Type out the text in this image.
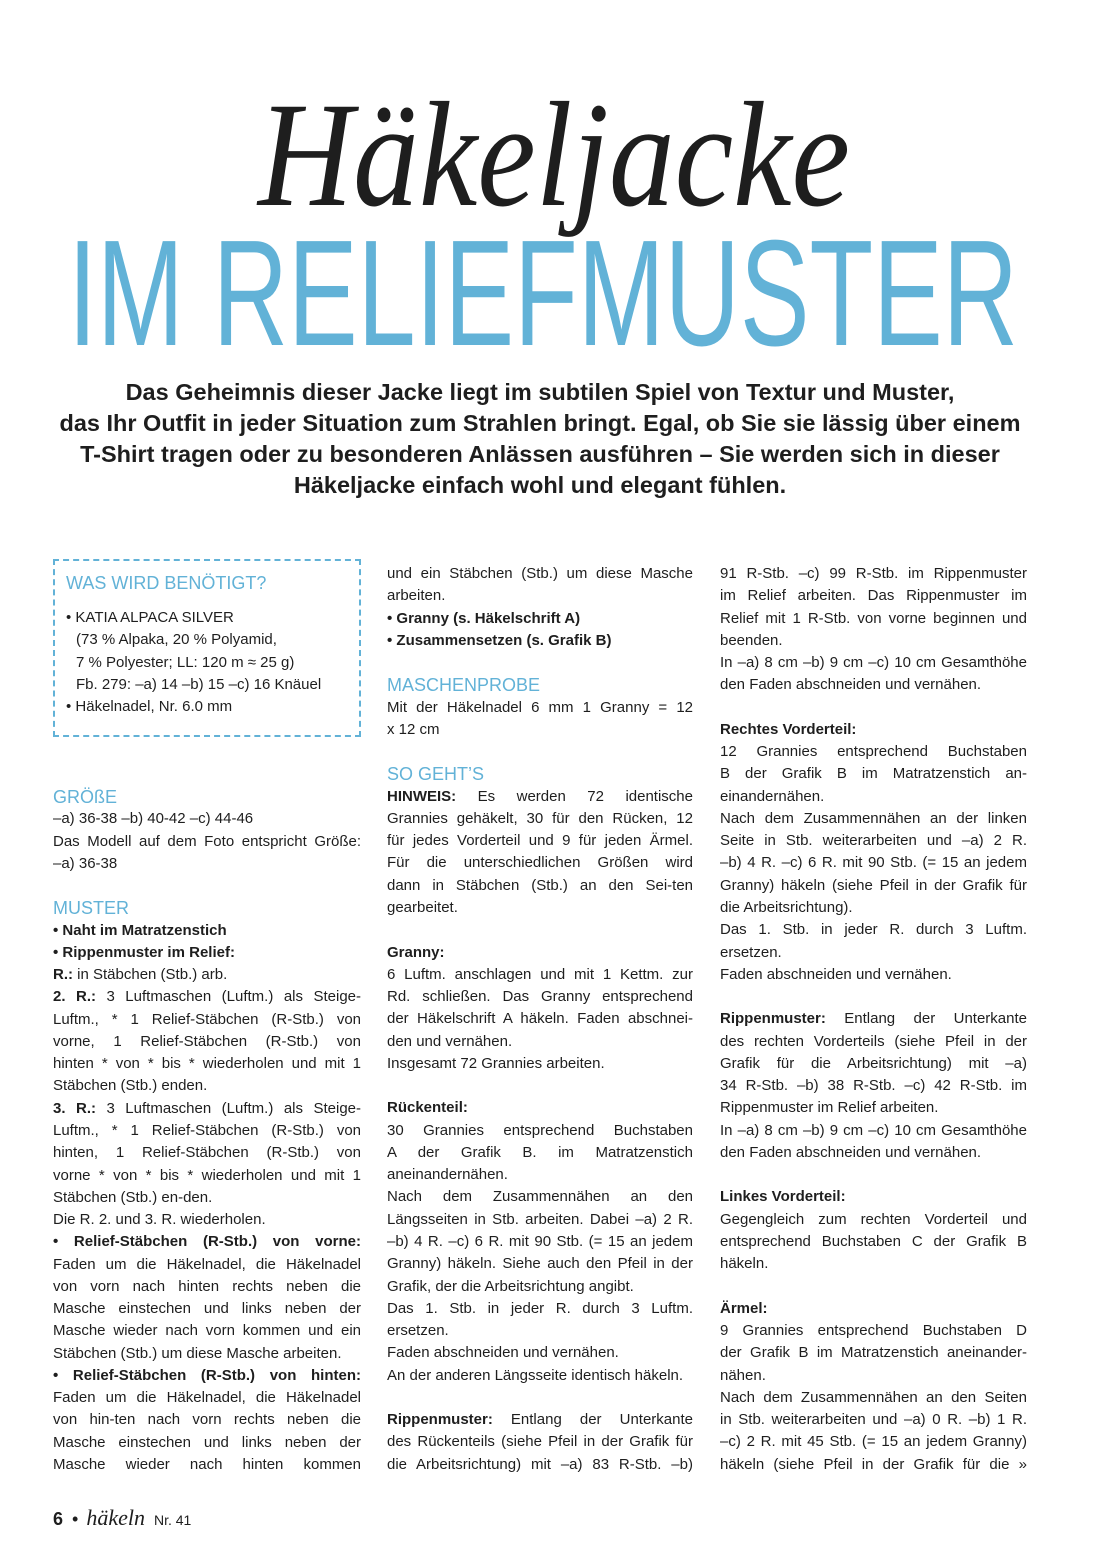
Häkeljacke
IM RELIEFMUSTER
Das Geheimnis dieser Jacke liegt im subtilen Spiel von Textur und Muster,
das Ihr Outfit in jeder Situation zum Strahlen bringt. Egal, ob Sie sie lässig über einem
T-Shirt tragen oder zu besonderen Anlässen ausführen – Sie werden sich in dieser
Häkeljacke einfach wohl und elegant fühlen.
WAS WIRD BENÖTIGT?
• KATIA ALPACA SILVER
(73 % Alpaka, 20 % Polyamid,
7 % Polyester; LL: 120 m ≈ 25 g)
Fb. 279: –a) 14 –b) 15 –c) 16 Knäuel
• Häkelnadel, Nr. 6.0 mm
GRÖßE
–a) 36-38 –b) 40-42 –c) 44-46
Das Modell auf dem Foto entspricht Größe:
–a) 36-38
MUSTER
• Naht im Matratzenstich
• Rippenmuster im Relief:
R.: in Stäbchen (Stb.) arb.
2. R.: 3 Luftmaschen (Luftm.) als Steige-
Luftm., * 1 Relief-Stäbchen (R-Stb.) von
vorne, 1 Relief-Stäbchen (R-Stb.) von
hinten * von * bis * wiederholen und mit 1
Stäbchen (Stb.) enden.
3. R.: 3 Luftmaschen (Luftm.) als Steige-
Luftm., * 1 Relief-Stäbchen (R-Stb.) von
hinten, 1 Relief-Stäbchen (R-Stb.) von
vorne * von * bis * wiederholen und mit 1
Stäbchen (Stb.) en-den.
Die R. 2. und 3. R. wiederholen.
• Relief-Stäbchen (R-Stb.) von vorne:
Faden um die Häkelnadel, die Häkelnadel
von vorn nach hinten rechts neben die
Masche einstechen und links neben der
Masche wieder nach vorn kommen und ein
Stäbchen (Stb.) um diese Masche arbeiten.
• Relief-Stäbchen (R-Stb.) von hinten:
Faden um die Häkelnadel, die Häkelnadel
von hin-ten nach vorn rechts neben die
Masche einstechen und links neben der
Masche wieder nach hinten kommen
und ein Stäbchen (Stb.) um diese Masche
arbeiten.
• Granny (s. Häkelschrift A)
• Zusammensetzen (s. Grafik B)
MASCHENPROBE
Mit der Häkelnadel 6 mm 1 Granny = 12
x 12 cm
SO GEHT’S
HINWEIS: Es werden 72 identische
Grannies gehäkelt, 30 für den Rücken, 12
für jedes Vorderteil und 9 für jeden Ärmel.
Für die unterschiedlichen Größen wird
dann in Stäbchen (Stb.) an den Sei-ten
gearbeitet.
Granny:
6 Luftm. anschlagen und mit 1 Kettm. zur
Rd. schließen. Das Granny entsprechend
der Häkelschrift A häkeln. Faden abschnei-
den und vernähen.
Insgesamt 72 Grannies arbeiten.
Rückenteil:
30 Grannies entsprechend Buchstaben
A der Grafik B. im Matratzenstich
aneinandernähen.
Nach dem Zusammennähen an den
Längsseiten in Stb. arbeiten. Dabei –a) 2 R.
–b) 4 R. –c) 6 R. mit 90 Stb. (= 15 an jedem
Granny) häkeln. Siehe auch den Pfeil in der
Grafik, der die Arbeitsrichtung angibt.
Das 1. Stb. in jeder R. durch 3 Luftm.
ersetzen.
Faden abschneiden und vernähen.
An der anderen Längsseite identisch häkeln.
Rippenmuster: Entlang der Unterkante
des Rückenteils (siehe Pfeil in der Grafik für
die Arbeitsrichtung) mit –a) 83 R-Stb. –b)
91 R-Stb. –c) 99 R-Stb. im Rippenmuster
im Relief arbeiten. Das Rippenmuster im
Relief mit 1 R-Stb. von vorne beginnen und
beenden.
In –a) 8 cm –b) 9 cm –c) 10 cm Gesamthöhe
den Faden abschneiden und vernähen.
Rechtes Vorderteil:
12 Grannies entsprechend Buchstaben
B der Grafik B im Matratzenstich an-
einandernähen.
Nach dem Zusammennähen an der linken
Seite in Stb. weiterarbeiten und –a) 2 R.
–b) 4 R. –c) 6 R. mit 90 Stb. (= 15 an jedem
Granny) häkeln (siehe Pfeil in der Grafik für
die Arbeitsrichtung).
Das 1. Stb. in jeder R. durch 3 Luftm.
ersetzen.
Faden abschneiden und vernähen.
Rippenmuster: Entlang der Unterkante
des rechten Vorderteils (siehe Pfeil in der
Grafik für die Arbeitsrichtung) mit –a)
34 R-Stb. –b) 38 R-Stb. –c) 42 R-Stb. im
Rippenmuster im Relief arbeiten.
In –a) 8 cm –b) 9 cm –c) 10 cm Gesamthöhe
den Faden abschneiden und vernähen.
Linkes Vorderteil:
Gegengleich zum rechten Vorderteil und
entsprechend Buchstaben C der Grafik B
häkeln.
Ärmel:
9 Grannies entsprechend Buchstaben D
der Grafik B im Matratzenstich aneinander-
nähen.
Nach dem Zusammennähen an den Seiten
in Stb. weiterarbeiten und –a) 0 R. –b) 1 R.
–c) 2 R. mit 45 Stb. (= 15 an jedem Granny)
häkeln (siehe Pfeil in der Grafik für die »
6 • häkeln Nr. 41
